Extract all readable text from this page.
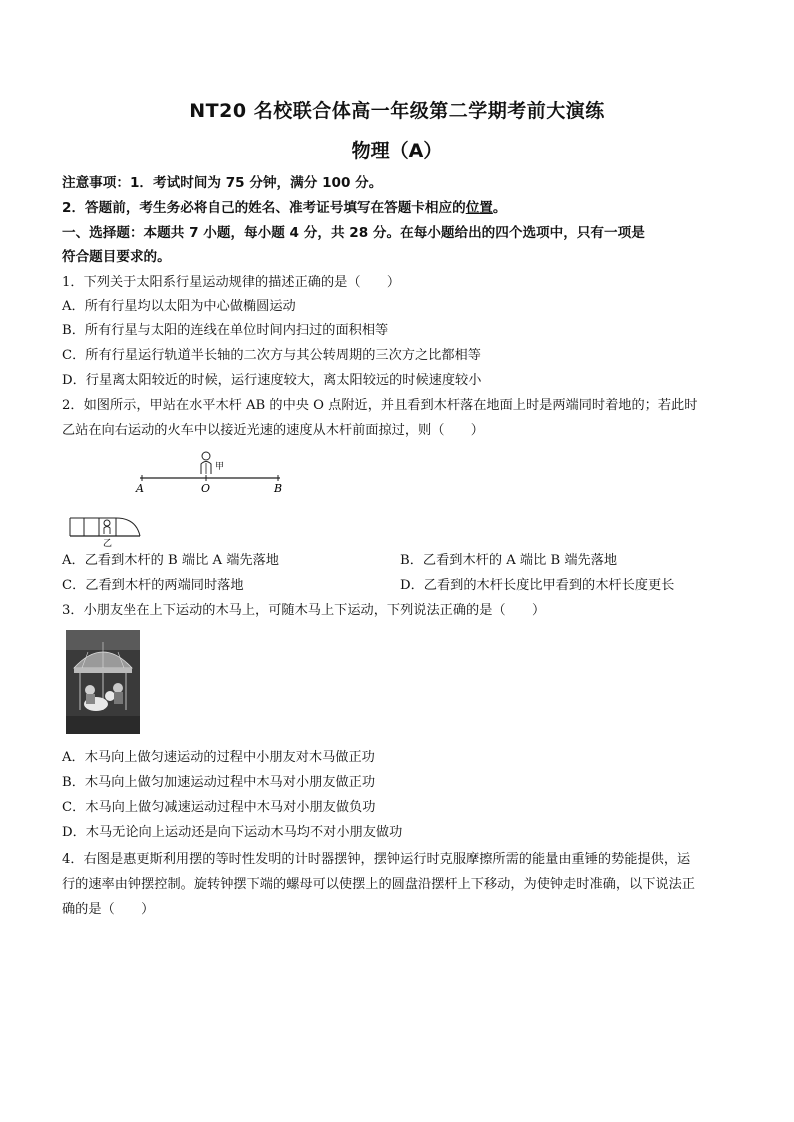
NT20 名校联合体高一年级第二学期考前大演练
物理（A）
注意事项：1．考试时间为 75 分钟，满分 100 分。
2．答题前，考生务必将自己的姓名、准考证号填写在答题卡相应的位置。
一、选择题：本题共 7 小题，每小题 4 分，共 28 分。在每小题给出的四个选项中，只有一项是
符合题目要求的。
1．下列关于太阳系行星运动规律的描述正确的是（　　）
A．所有行星均以太阳为中心做椭圆运动
B．所有行星与太阳的连线在单位时间内扫过的面积相等
C．所有行星运行轨道半长轴的二次方与其公转周期的三次方之比都相等
D．行星离太阳较近的时候，运行速度较大，离太阳较远的时候速度较小
2．如图所示，甲站在水平木杆 AB 的中央 O 点附近，并且看到木杆落在地面上时是两端同时着地的；若此时
乙站在向右运动的火车中以接近光速的速度从木杆前面掠过，则（　　）
甲
A	O	B
乙
A．乙看到木杆的 B 端比 A 端先落地	B．乙看到木杆的 A 端比 B 端先落地
C．乙看到木杆的两端同时落地	D．乙看到的木杆长度比甲看到的木杆长度更长
3．小朋友坐在上下运动的木马上，可随木马上下运动，下列说法正确的是（　　）
A．木马向上做匀速运动的过程中小朋友对木马做正功
B．木马向上做匀加速运动过程中木马对小朋友做正功
C．木马向上做匀减速运动过程中木马对小朋友做负功
D．木马无论向上运动还是向下运动木马均不对小朋友做功
4．右图是惠更斯利用摆的等时性发明的计时器摆钟，摆钟运行时克服摩擦所需的能量由重锤的势能提供，运
行的速率由钟摆控制。旋转钟摆下端的螺母可以使摆上的圆盘沿摆杆上下移动，为使钟走时准确，以下说法正
确的是（　　）
